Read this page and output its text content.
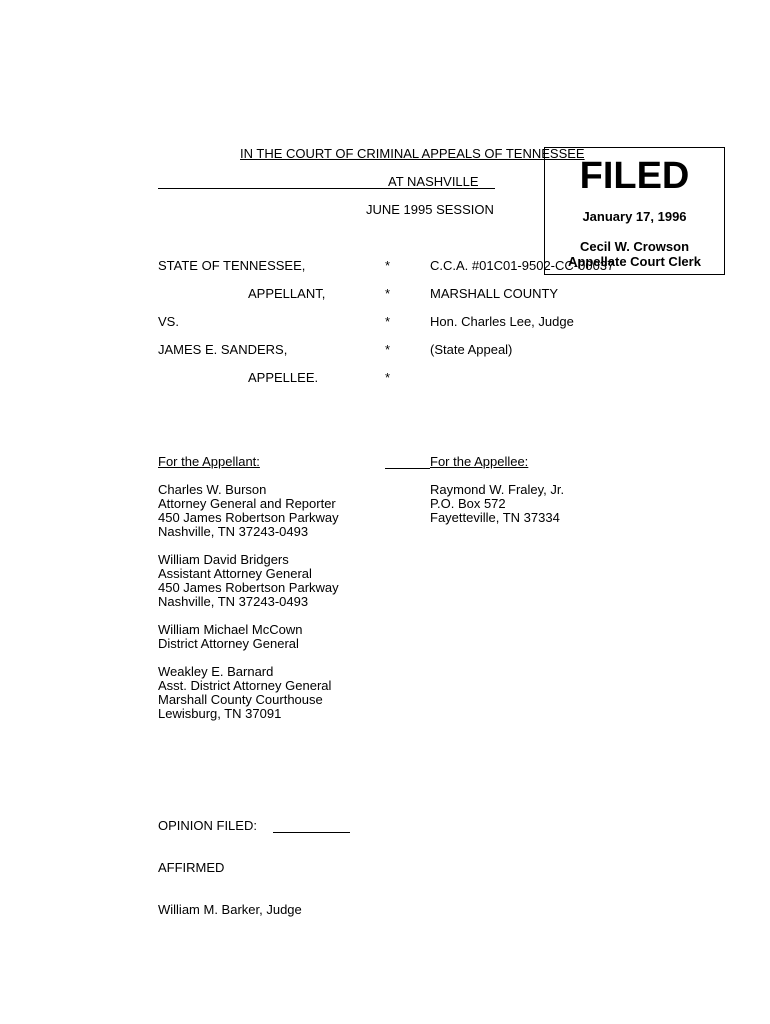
IN THE COURT OF CRIMINAL APPEALS OF TENNESSEE
AT NASHVILLE
JUNE 1995 SESSION
FILED
January 17, 1996
Cecil W. Crowson
Appellate Court Clerk
STATE OF TENNESSEE,
APPELLANT,
VS.
JAMES E. SANDERS,
APPELLEE.
*
*
*
*
*
C.C.A. #01C01-9502-CC-00037
MARSHALL COUNTY
Hon. Charles Lee, Judge
(State Appeal)
For the Appellant:	For the Appellee:
Charles W. Burson
Attorney General and Reporter
450 James Robertson Parkway
Nashville, TN 37243-0493
William David Bridgers
Assistant Attorney General
450 James Robertson Parkway
Nashville, TN 37243-0493
William Michael McCown
District Attorney General
Weakley E. Barnard
Asst. District Attorney General
Marshall County Courthouse
Lewisburg, TN 37091
Raymond W. Fraley, Jr.
P.O. Box 572
Fayetteville, TN 37334
OPINION FILED:
AFFIRMED
William M. Barker, Judge
